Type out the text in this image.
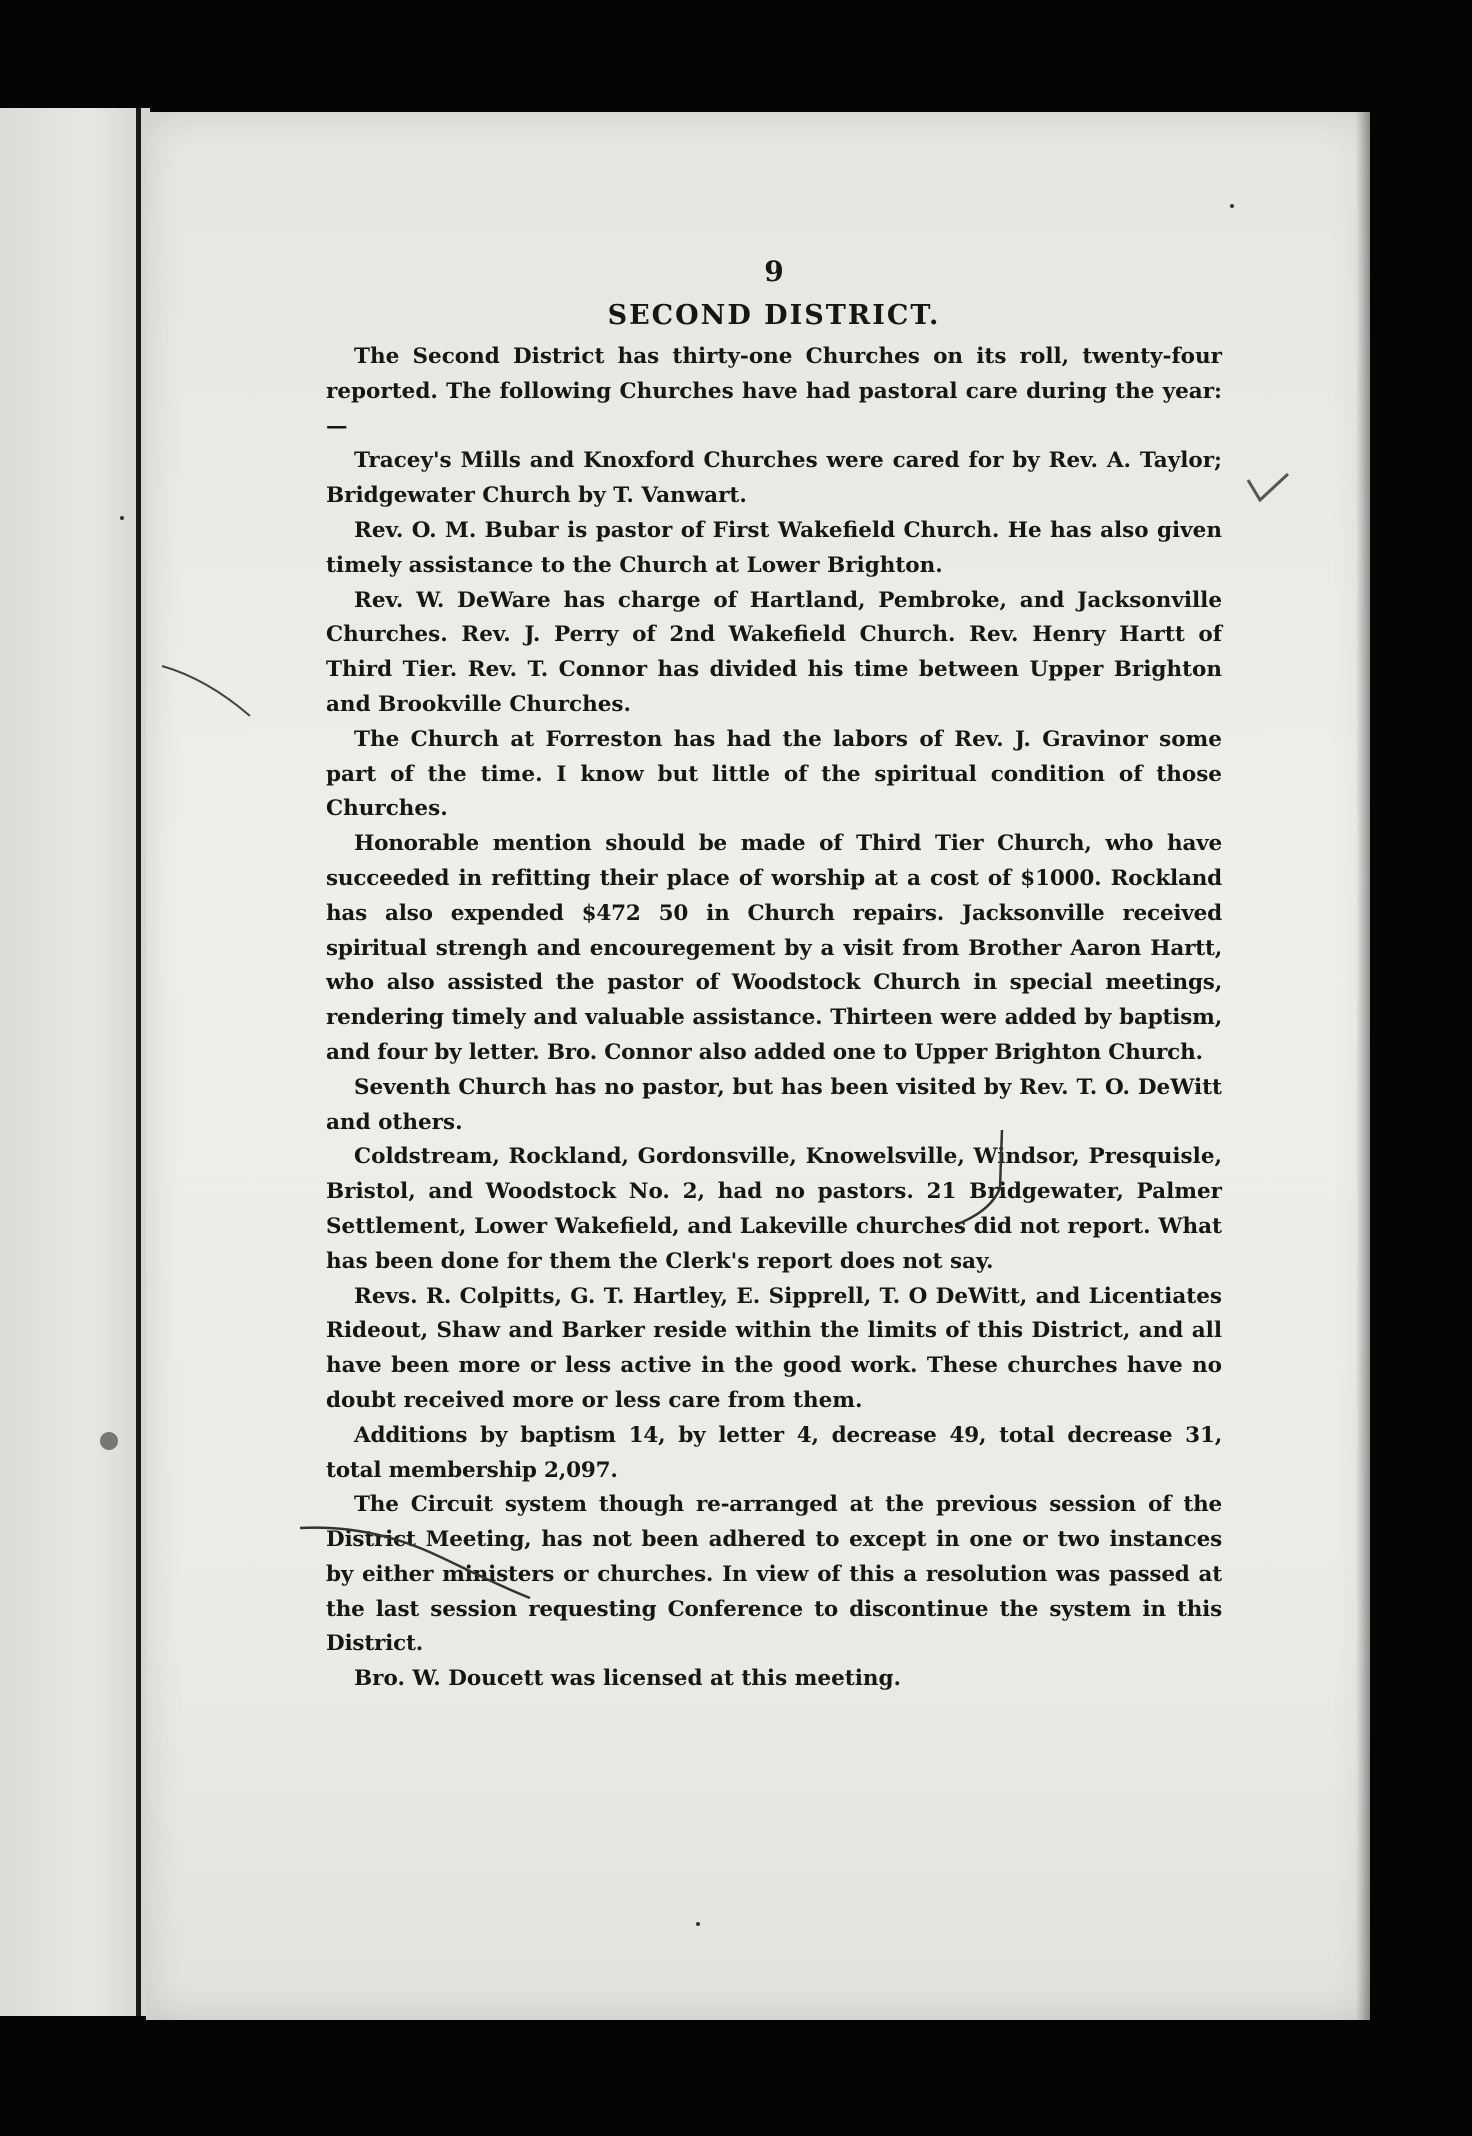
9
SECOND DISTRICT.

The Second District has thirty-one Churches on its roll, twenty-four reported. The following Churches have had pastoral care during the year:—

Tracey's Mills and Knoxford Churches were cared for by Rev. A. Taylor; Bridgewater Church by T. Vanwart.

Rev. O. M. Bubar is pastor of First Wakefield Church. He has also given timely assistance to the Church at Lower Brighton.

Rev. W. DeWare has charge of Hartland, Pembroke, and Jacksonville Churches. Rev. J. Perry of 2nd Wakefield Church. Rev. Henry Hartt of Third Tier. Rev. T. Connor has divided his time between Upper Brighton and Brookville Churches.

The Church at Forreston has had the labors of Rev. J. Gravinor some part of the time. I know but little of the spiritual condition of those Churches.

Honorable mention should be made of Third Tier Church, who have succeeded in refitting their place of worship at a cost of $1000. Rockland has also expended $472 50 in Church repairs. Jacksonville received spiritual strengh and encouregement by a visit from Brother Aaron Hartt, who also assisted the pastor of Woodstock Church in special meetings, rendering timely and valuable assistance. Thirteen were added by baptism, and four by letter. Bro. Connor also added one to Upper Brighton Church.

Seventh Church has no pastor, but has been visited by Rev. T. O. DeWitt and others.

Coldstream, Rockland, Gordonsville, Knowelsville, Windsor, Presquisle, Bristol, and Woodstock No. 2, had no pastors. 21 Bridgewater, Palmer Settlement, Lower Wakefield, and Lakeville churches did not report. What has been done for them the Clerk's report does not say.

Revs. R. Colpitts, G. T. Hartley, E. Sipprell, T. O DeWitt, and Licentiates Rideout, Shaw and Barker reside within the limits of this District, and all have been more or less active in the good work. These churches have no doubt received more or less care from them.

Additions by baptism 14, by letter 4, decrease 49, total decrease 31, total membership 2,097.

The Circuit system though re-arranged at the previous session of the District Meeting, has not been adhered to except in one or two instances by either ministers or churches. In view of this a resolution was passed at the last session requesting Conference to discontinue the system in this District.

Bro. W. Doucett was licensed at this meeting.
